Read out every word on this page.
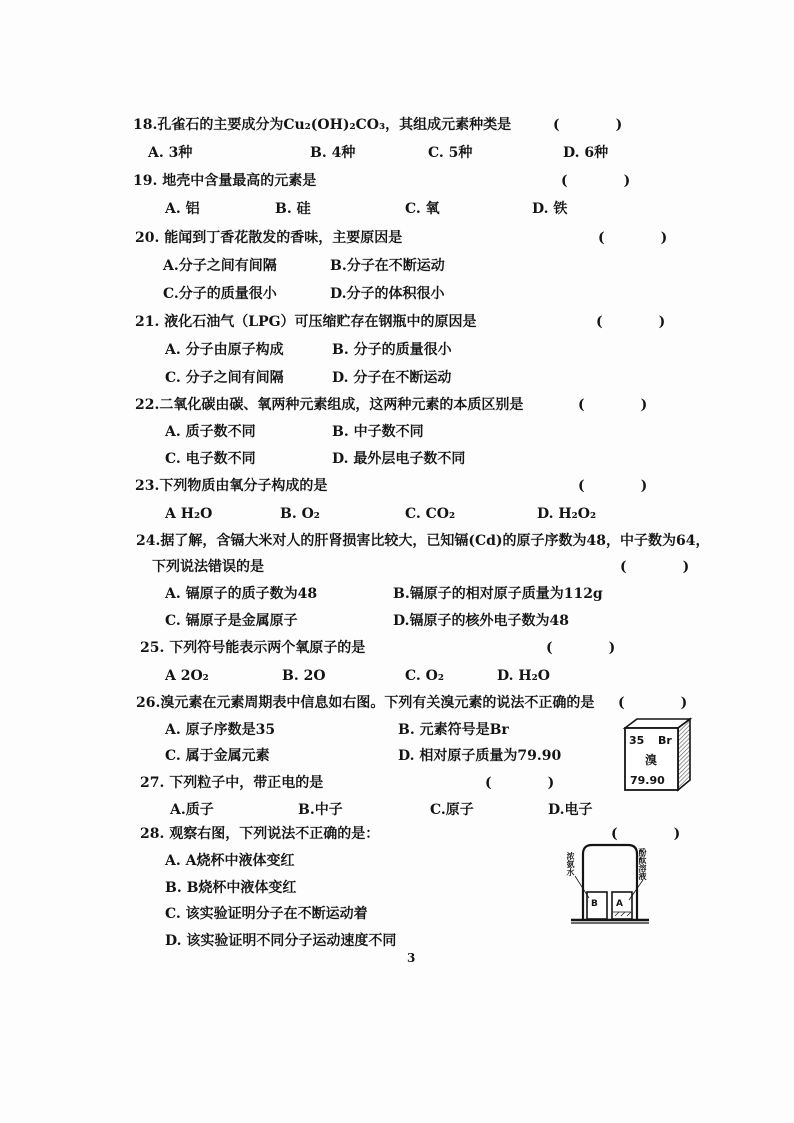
18.孔雀石的主要成分为Cu₂(OH)₂CO₃，其组成元素种类是	(　　　　)
A. 3种	B. 4种	C. 5种	D. 6种
19. 地壳中含量最高的元素是	(　　　　)
A. 铝	B. 硅	C. 氧	D. 铁
20. 能闻到丁香花散发的香味，主要原因是	(　　　　)
A.分子之间有间隔	B.分子在不断运动
C.分子的质量很小	D.分子的体积很小
21. 液化石油气（LPG）可压缩贮存在钢瓶中的原因是	(　　　　)
A. 分子由原子构成	B. 分子的质量很小
C. 分子之间有间隔	D. 分子在不断运动
22.二氧化碳由碳、氧两种元素组成，这两种元素的本质区别是	(　　　　)
A. 质子数不同	B. 中子数不同
C. 电子数不同	D. 最外层电子数不同
23.下列物质由氧分子构成的是	(　　　　)
A H₂O	B. O₂	C. CO₂	D. H₂O₂
24.据了解，含镉大米对人的肝肾损害比较大，已知镉(Cd)的原子序数为48，中子数为64，
下列说法错误的是	(　　　　)
A. 镉原子的质子数为48	B.镉原子的相对原子质量为112g
C. 镉原子是金属原子	D.镉原子的核外电子数为48
25. 下列符号能表示两个氧原子的是	(　　　　)
A 2O₂	B. 2O	C. O₂	D. H₂O
26.溴元素在元素周期表中信息如右图。下列有关溴元素的说法不正确的是 (　　　　)
A. 原子序数是35	B. 元素符号是Br
C. 属于金属元素	D. 相对原子质量为79.90
35 Br
溴
79.90
27. 下列粒子中，带正电的是	(　　　　)
A.质子	B.中子	C.原子	D.电子
28. 观察右图，下列说法不正确的是：	(　　　　)
A. A烧杯中液体变红
B. B烧杯中液体变红
C. 该实验证明分子在不断运动着
D. 该实验证明不同分子运动速度不同
B A
浓氨水	酚酞溶液
3
